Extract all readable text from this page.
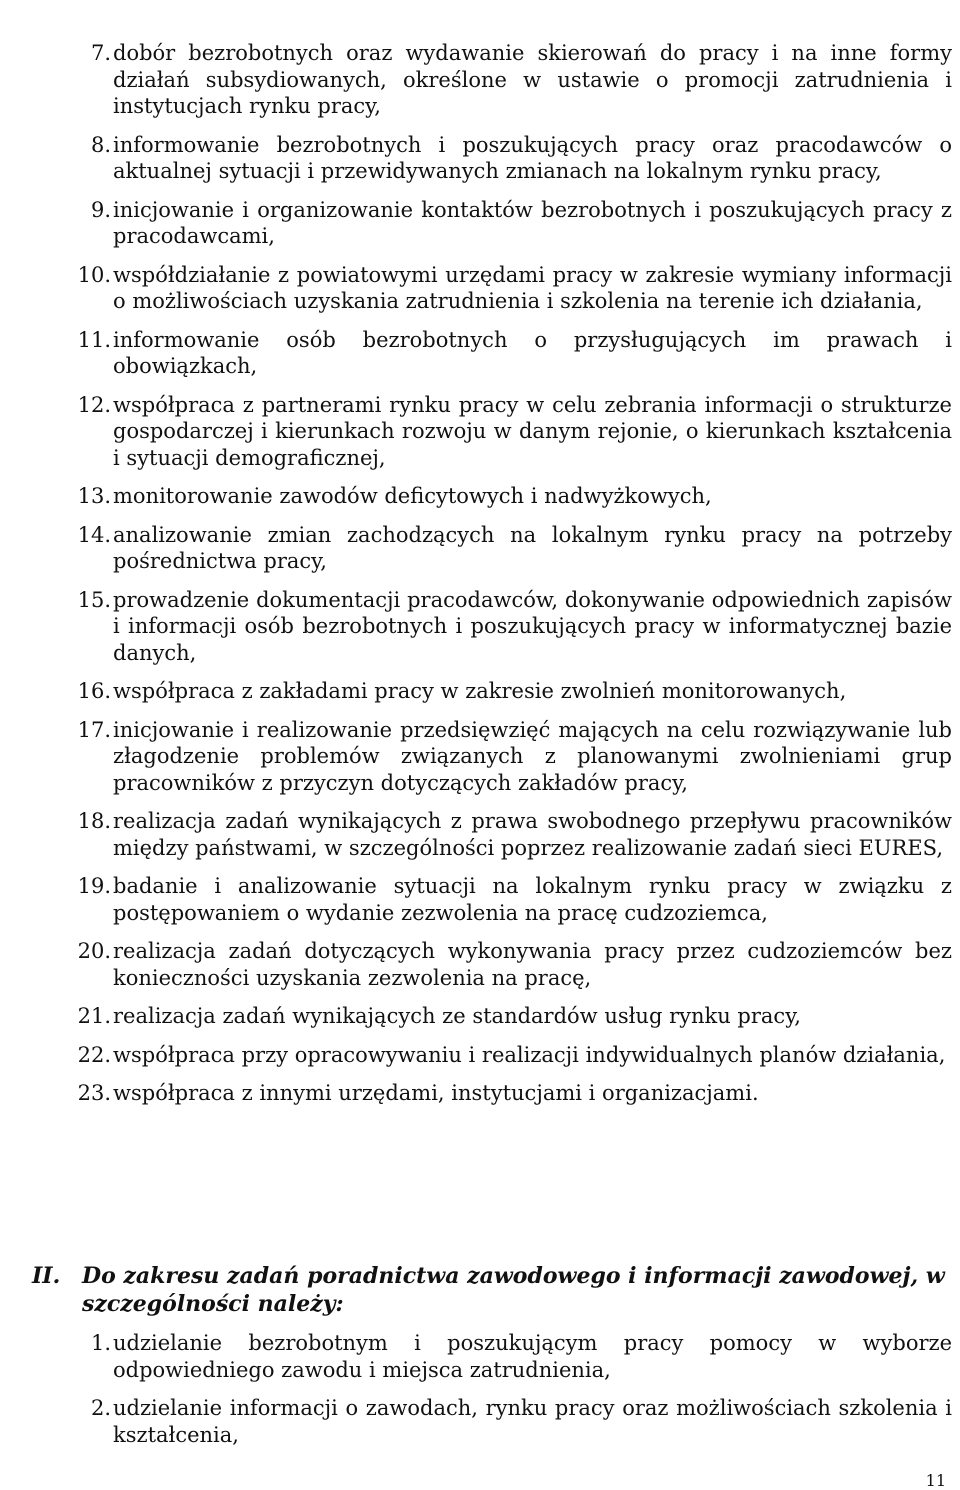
7. dobór bezrobotnych oraz wydawanie skierowań do pracy i na inne formy działań subsydiowanych, określone w ustawie o promocji zatrudnienia i instytucjach rynku pracy,
8. informowanie bezrobotnych i poszukujących pracy oraz pracodawców o aktualnej sytuacji i przewidywanych zmianach na lokalnym rynku pracy,
9. inicjowanie i organizowanie kontaktów bezrobotnych i poszukujących pracy z pracodawcami,
10. współdziałanie z powiatowymi urzędami pracy w zakresie wymiany informacji o możliwościach uzyskania zatrudnienia i szkolenia na terenie ich działania,
11. informowanie osób bezrobotnych o przysługujących im prawach i obowiązkach,
12. współpraca z partnerami rynku pracy w celu zebrania informacji o strukturze gospodarczej i kierunkach rozwoju w danym rejonie, o kierunkach kształcenia i sytuacji demograficznej,
13. monitorowanie zawodów deficytowych i nadwyżkowych,
14. analizowanie zmian zachodzących na lokalnym rynku pracy na potrzeby pośrednictwa pracy,
15. prowadzenie dokumentacji pracodawców, dokonywanie odpowiednich zapisów i informacji osób bezrobotnych i poszukujących pracy w informatycznej bazie danych,
16. współpraca z zakładami pracy w zakresie zwolnień monitorowanych,
17. inicjowanie i realizowanie przedsięwzięć mających na celu rozwiązywanie lub złagodzenie problemów związanych z planowanymi zwolnieniami grup pracowników z przyczyn dotyczących zakładów pracy,
18. realizacja zadań wynikających z prawa swobodnego przepływu pracowników między państwami, w szczególności poprzez realizowanie zadań sieci EURES,
19. badanie i analizowanie sytuacji na lokalnym rynku pracy w związku z postępowaniem o wydanie zezwolenia na pracę cudzoziemca,
20. realizacja zadań dotyczących wykonywania pracy przez cudzoziemców bez konieczności uzyskania zezwolenia na pracę,
21. realizacja zadań wynikających ze standardów usług rynku pracy,
22. współpraca przy opracowywaniu i realizacji indywidualnych planów działania,
23. współpraca z innymi urzędami, instytucjami i organizacjami.
II. Do zakresu zadań poradnictwa zawodowego i informacji zawodowej, w szczególności należy:
1. udzielanie bezrobotnym i poszukującym pracy pomocy w wyborze odpowiedniego zawodu i miejsca zatrudnienia,
2. udzielanie informacji o zawodach, rynku pracy oraz możliwościach szkolenia i kształcenia,
11
